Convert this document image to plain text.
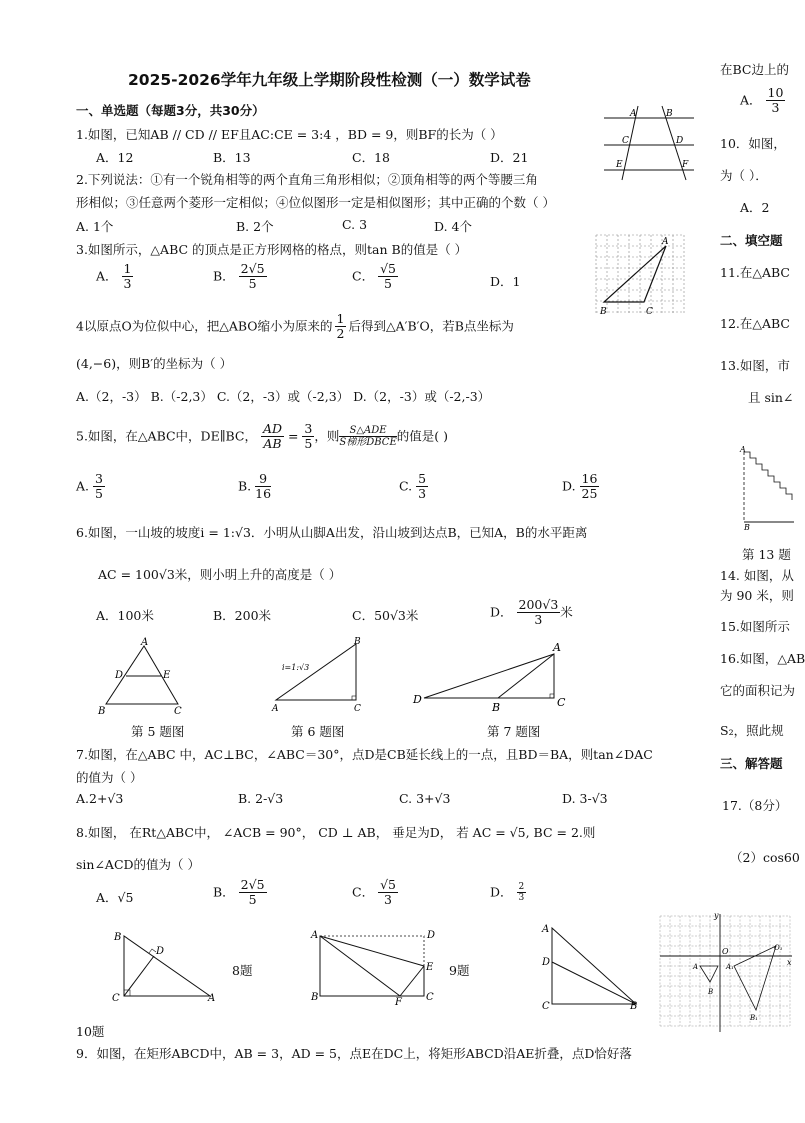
2025-2026学年九年级上学期阶段性检测（一）数学试卷
一、单选题（每题3分，共30分）
1.如图，已知AB // CD // EF且AC:CE = 3:4 ，BD = 9，则BF的长为（ ）
A．12	B．13	C．18	D．21
A	B
C	D
E	F
2.下列说法：①有一个锐角相等的两个直角三角形相似；②顶角相等的两个等腰三角
形相似；③任意两个菱形一定相似；④位似图形一定是相似图形；其中正确的个数（ ）
A. 1个	B. 2个	C. 3	D. 4个
3.如图所示，△ABC 的顶点是正方形网格的格点，则tan B的值是（ ）
A． $\frac{1}{3}$	B． $\frac{2√5}{5}$	C． $\frac{√5}{5}$	D．1
A
B	C
4以原点O为位似中心，把△ABO缩小为原来的 $\frac{1}{2}$ 后得到△A′B′O，若B点坐标为
(4,−6)，则B′的坐标为（ ）
A.（2，-3） B.（-2,3） C.（2，-3）或（-2,3） D.（2，-3）或（-2,-3）
5.如图，在△ABC中，DE∥BC， $\frac{AD}{AB} = \frac{3}{5}$ ，则 $\frac{\text{S△ADE}}{\text{S梯形DBCE}}$ 的值是( )
A. $\frac{3}{5}$	B. $\frac{9}{16}$	C. $\frac{5}{3}$	D. $\frac{16}{25}$
6.如图，一山坡的坡度i = 1:√3．小明从山脚A出发，沿山坡到达点B，已知A，B的水平距离
AC = 100√3米，则小明上升的高度是（ ）
A．100米	B．200米	C．50√3米	D． $\frac{200√3}{3}$ 米
A
D	E
B	C
第 5 题图
i=1:√3
B
A	C
第 6 题图
A
D
B	C
第 7 题图
7.如图，在△ABC 中，AC⊥BC，∠ABC＝30°，点D是CB延长线上的一点，且BD＝BA，则tan∠DAC
的值为（ ）
A.2+√3	B. 2-√3	C. 3+√3	D. 3-√3
8.如图， 在Rt△ABC中， ∠ACB = 90°， CD ⊥ AB， 垂足为D， 若 AC = √5, BC = 2.则
sin∠ACD的值为（ ）
A．√5	B． $\frac{2√5}{5}$	C． $\frac{√5}{3}$	D． $\frac{2}{3}$
B
D
C	A
8题
A	D
E
B	F C
9题
A
D
C	B
y
x
O	O₁
A	A₁
B
B₁
10题
9．如图，在矩形ABCD中，AB = 3，AD = 5，点E在DC上，将矩形ABCD沿AE折叠，点D恰好落
在BC边上的
A． $\frac{10}{3}$
10．如图，
为（ ）．
A．2
二、填空题
11.在△ABC
12.在△ABC
13.如图，市
且 sin∠
A
B
第 13 题
14. 如图，从
为 90 米，则
15.如图所示
16.如图，△AB
它的面积记为
S₂，照此规
三、解答题
17.（8分）
（2）cos60
